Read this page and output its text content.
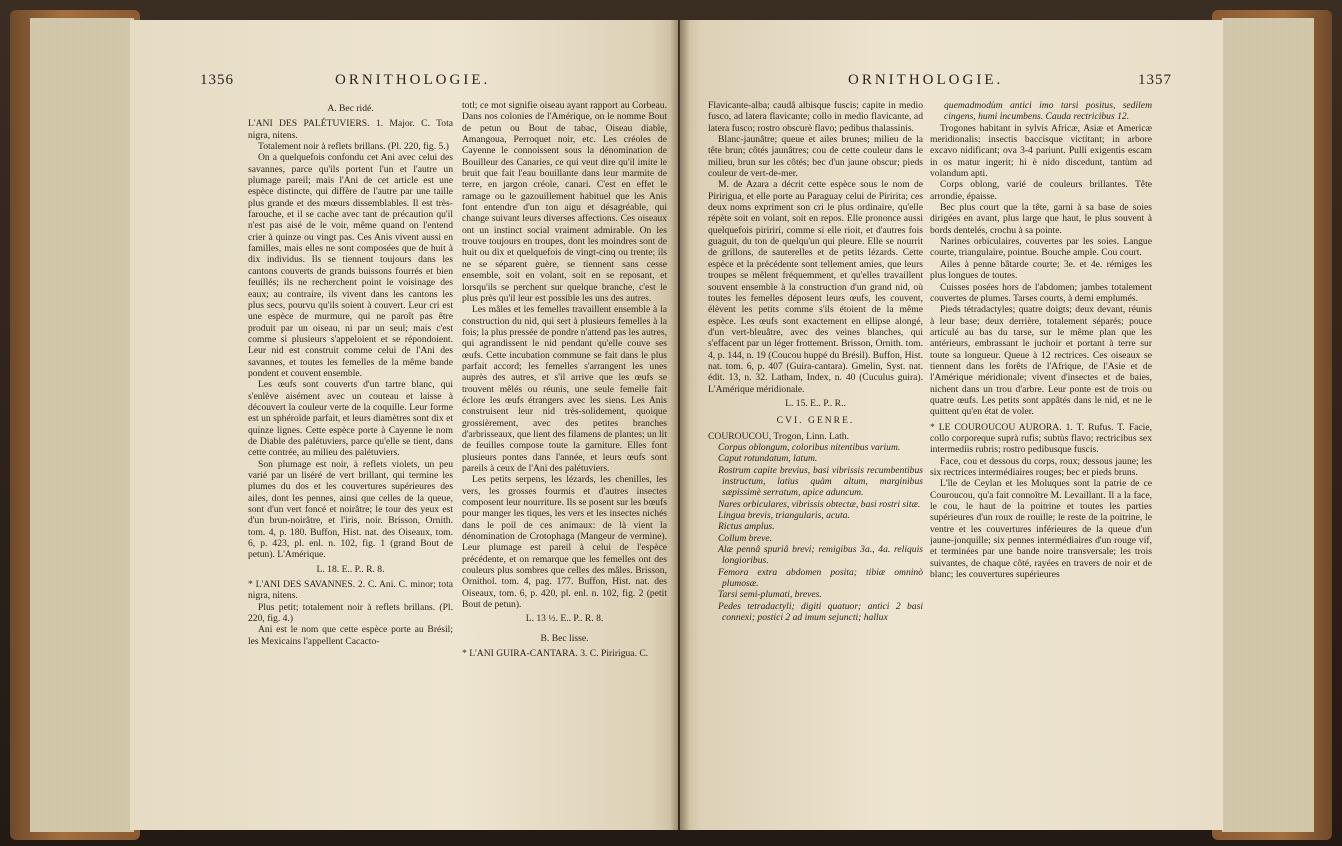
1356	ORNITHOLOGIE.

A. Bec ridé.

L'ANI DES PALÉTUVIERS. 1. Major. C. Tota nigra, nitens.

Totalement noir à reflets brillans. (Pl. 220, fig. 5.)

On a quelquefois confondu cet Ani avec celui des savannes, parce qu'ils portent l'un et l'autre un plumage pareil; mais l'Ani de cet article est une espèce distincte, qui diffère de l'autre par une taille plus grande et des mœurs dissemblables. Il est très-farouche, et il se cache avec tant de précaution qu'il n'est pas aisé de le voir, même quand on l'entend crier à quinze ou vingt pas. Ces Anis vivent aussi en familles, mais elles ne sont composées que de huit à dix individus. Ils se tiennent toujours dans les cantons couverts de grands buissons fourrés et bien feuillés; ils ne recherchent point le voisinage des eaux; au contraire, ils vivent dans les cantons les plus secs, pourvu qu'ils soient à couvert. Leur cri est une espèce de murmure, qui ne paroît pas être produit par un oiseau, ni par un seul; mais c'est comme si plusieurs s'appeloient et se répondoient. Leur nid est construit comme celui de l'Ani des savannes, et toutes les femelles de la même bande pondent et couvent ensemble.

Les œufs sont couverts d'un tartre blanc, qui s'enlève aisément avec un couteau et laisse à découvert la couleur verte de la coquille. Leur forme est un sphéroïde parfait, et leurs diamètres sont dix et quinze lignes. Cette espèce porte à Cayenne le nom de Diable des palétuviers, parce qu'elle se tient, dans cette contrée, au milieu des palétuviers.

Son plumage est noir, à reflets violets, un peu varié par un liséré de vert brillant, qui termine les plumes du dos et les couvertures supérieures des ailes, dont les pennes, ainsi que celles de la queue, sont d'un vert foncé et noirâtre; le tour des yeux est d'un brun-noirâtre, et l'iris, noir. Brisson, Ornith. tom. 4, p. 180. Buffon, Hist. nat. des Oiseaux, tom. 6, p. 423, pl. enl. n. 102, fig. 1 (grand Bout de petun). L'Amérique.

L. 18. E.. P.. R. 8.

* L'ANI DES SAVANNES. 2. C. Ani. C. minor; tota nigra, nitens.

Plus petit; totalement noir à reflets brillans. (Pl. 220, fig. 4.)

Ani est le nom que cette espèce porte au Brésil; les Mexicains l'appellent Cacacto-

totl; ce mot signifie oiseau ayant rapport au Corbeau. Dans nos colonies de l'Amérique, on le nomme Bout de petun ou Bout de tabac, Oiseau diable, Amangoua, Perroquet noir, etc. Les créoles de Cayenne le connoissent sous la dénomination de Bouilleur des Canaries, ce qui veut dire qu'il imite le bruit que fait l'eau bouillante dans leur marmite de terre, en jargon créole, canari. C'est en effet le ramage ou le gazouillement habituel que les Anis font entendre d'un ton aigu et désagréable, qui change suivant leurs diverses affections. Ces oiseaux ont un instinct social vraiment admirable. On les trouve toujours en troupes, dont les moindres sont de huit ou dix et quelquefois de vingt-cinq ou trente; ils ne se séparent guère, se tiennent sans cesse ensemble, soit en volant, soit en se reposant, et lorsqu'ils se perchent sur quelque branche, c'est le plus près qu'il leur est possible les uns des autres.

Les mâles et les femelles travaillent ensemble à la construction du nid, qui sert à plusieurs femelles à la fois; la plus pressée de pondre n'attend pas les autres, qui agrandissent le nid pendant qu'elle couve ses œufs. Cette incubation commune se fait dans le plus parfait accord; les femelles s'arrangent les unes auprès des autres, et s'il arrive que les œufs se trouvent mêlés ou réunis, une seule femelle fait éclore les œufs étrangers avec les siens. Les Anis construisent leur nid très-solidement, quoique grossièrement, avec des petites branches d'arbrisseaux, que lient des filamens de plantes; un lit de feuilles compose toute la garniture. Elles font plusieurs pontes dans l'année, et leurs œufs sont pareils à ceux de l'Ani des palétuviers.

Les petits serpens, les lézards, les chenilles, les vers, les grosses fourmis et d'autres insectes composent leur nourriture. Ils se posent sur les bœufs pour manger les tiques, les vers et les insectes nichés dans le poil de ces animaux: de là vient la dénomination de Crotophaga (Mangeur de vermine). Leur plumage est pareil à celui de l'espèce précédente, et on remarque que les femelles ont des couleurs plus sombres que celles des mâles. Brisson, Ornithol. tom. 4, pag. 177. Buffon, Hist. nat. des Oiseaux, tom. 6, p. 420, pl. enl. n. 102, fig. 2 (petit Bout de petun).

L. 13 ½. E.. P.. R. 8.

B. Bec lisse.

* L'ANI GUIRA-CANTARA. 3. C. Piririgua. C.

ORNITHOLOGIE.	1357

Flavicante-alba; caudâ albisque fuscis; capite in medio fusco, ad latera flavicante; collo in medio flavicante, ad latera fusco; rostro obscurè flavo; pedibus thalassinis.

Blanc-jaunâtre; queue et ailes brunes; milieu de la tête brun; côtés jaunâtres; cou de cette couleur dans le milieu, brun sur les côtés; bec d'un jaune obscur; pieds couleur de vert-de-mer.

M. de Azara a décrit cette espèce sous le nom de Piririgua, et elle porte au Paraguay celui de Piririta; ces deux noms expriment son cri le plus ordinaire, qu'elle répète soit en volant, soit en repos. Elle prononce aussi quelquefois piririrí, comme si elle rioit, et d'autres fois guaguit, du ton de quelqu'un qui pleure. Elle se nourrit de grillons, de sauterelles et de petits lézards. Cette espèce et la précédente sont tellement amies, que leurs troupes se mêlent fréquemment, et qu'elles travaillent souvent ensemble à la construction d'un grand nid, où toutes les femelles déposent leurs œufs, les couvent, élèvent les petits comme s'ils étoient de la même espèce. Les œufs sont exactement en ellipse alongé, d'un vert-bleuâtre, avec des veines blanches, qui s'effacent par un léger frottement. Brisson, Ornith. tom. 4, p. 144, n. 19 (Coucou huppé du Brésil). Buffon, Hist. nat. tom. 6, p. 407 (Guira-cantara). Gmelin, Syst. nat. édit. 13, n. 32. Latham, Index, n. 40 (Cuculus guira). L'Amérique méridionale.

L. 15. E.. P.. R..

CVI. GENRE.

COUROUCOU, Trogon, Linn. Lath.

Corpus oblongum, coloribus nitentibus varium.

Caput rotundatum, latum.

Rostrum capite brevius, basi vibrissis recumbentibus instructum, latius quàm altum, marginibus sæpissimè serratum, apice aduncum.

Nares orbiculares, vibrissis obtectæ, basi rostri sitæ.

Lingua brevis, triangularis, acuta.

Rictus amplus.

Collum breve.

Alæ pennâ spuriâ brevi; remigibus 3a., 4a. reliquis longioribus.

Femora extra abdomen posita; tibiæ omninò plumosæ.

Tarsi semi-plumati, breves.

Pedes tetradactyli; digiti quatuor; antici 2 basi connexi; postici 2 ad imum sejuncti; hallux

quemadmodùm antici imo tarsi positus, sedilem cingens, humi incumbens. Cauda rectricibus 12.

Trogones habitant in sylvis Africæ, Asiæ et Americæ meridionalis; insectis baccisque victitant; in arbore excavo nidificant; ova 3-4 pariunt. Pulli exigentis escam in os matur ingerit; hi è nido discedunt, tantùm ad volandum apti.

Corps oblong, varié de couleurs brillantes. Tête arrondie, épaisse.

Bec plus court que la tête, garni à sa base de soies dirigées en avant, plus large que haut, le plus souvent à bords dentelés, crochu à sa pointe.

Narines orbiculaires, couvertes par les soies. Langue courte, triangulaire, pointue. Bouche ample. Cou court.

Ailes à penne bâtarde courte; 3e. et 4e. rémiges les plus longues de toutes.

Cuisses posées hors de l'abdomen; jambes totalement couvertes de plumes. Tarses courts, à demi emplumés.

Pieds tétradactyles; quatre doigts; deux devant, réunis à leur base; deux derrière, totalement séparés; pouce articulé au bas du tarse, sur le même plan que les antérieurs, embrassant le juchoir et portant à terre sur toute sa longueur. Queue à 12 rectrices. Ces oiseaux se tiennent dans les forêts de l'Afrique, de l'Asie et de l'Amérique méridionale; vivent d'insectes et de baies, nichent dans un trou d'arbre. Leur ponte est de trois ou quatre œufs. Les petits sont appâtés dans le nid, et ne le quittent qu'en état de voler.

* LE COUROUCOU AURORA. 1. T. Rufus. T. Facie, collo corporeque suprà rufis; subtùs flavo; rectricibus sex intermediis rubris; rostro pedibusque fuscis.

Face, cou et dessous du corps, roux; dessous jaune; les six rectrices intermédiaires rouges; bec et pieds bruns.

L'île de Ceylan et les Moluques sont la patrie de ce Couroucou, qu'a fait connoître M. Levaillant. Il a la face, le cou, le haut de la poitrine et toutes les parties supérieures d'un roux de rouille; le reste de la poitrine, le ventre et les couvertures inférieures de la queue d'un jaune-jonquille; six pennes intermédiaires d'un rouge vif, et terminées par une bande noire transversale; les trois suivantes, de chaque côté, rayées en travers de noir et de blanc; les couvertures supérieures
